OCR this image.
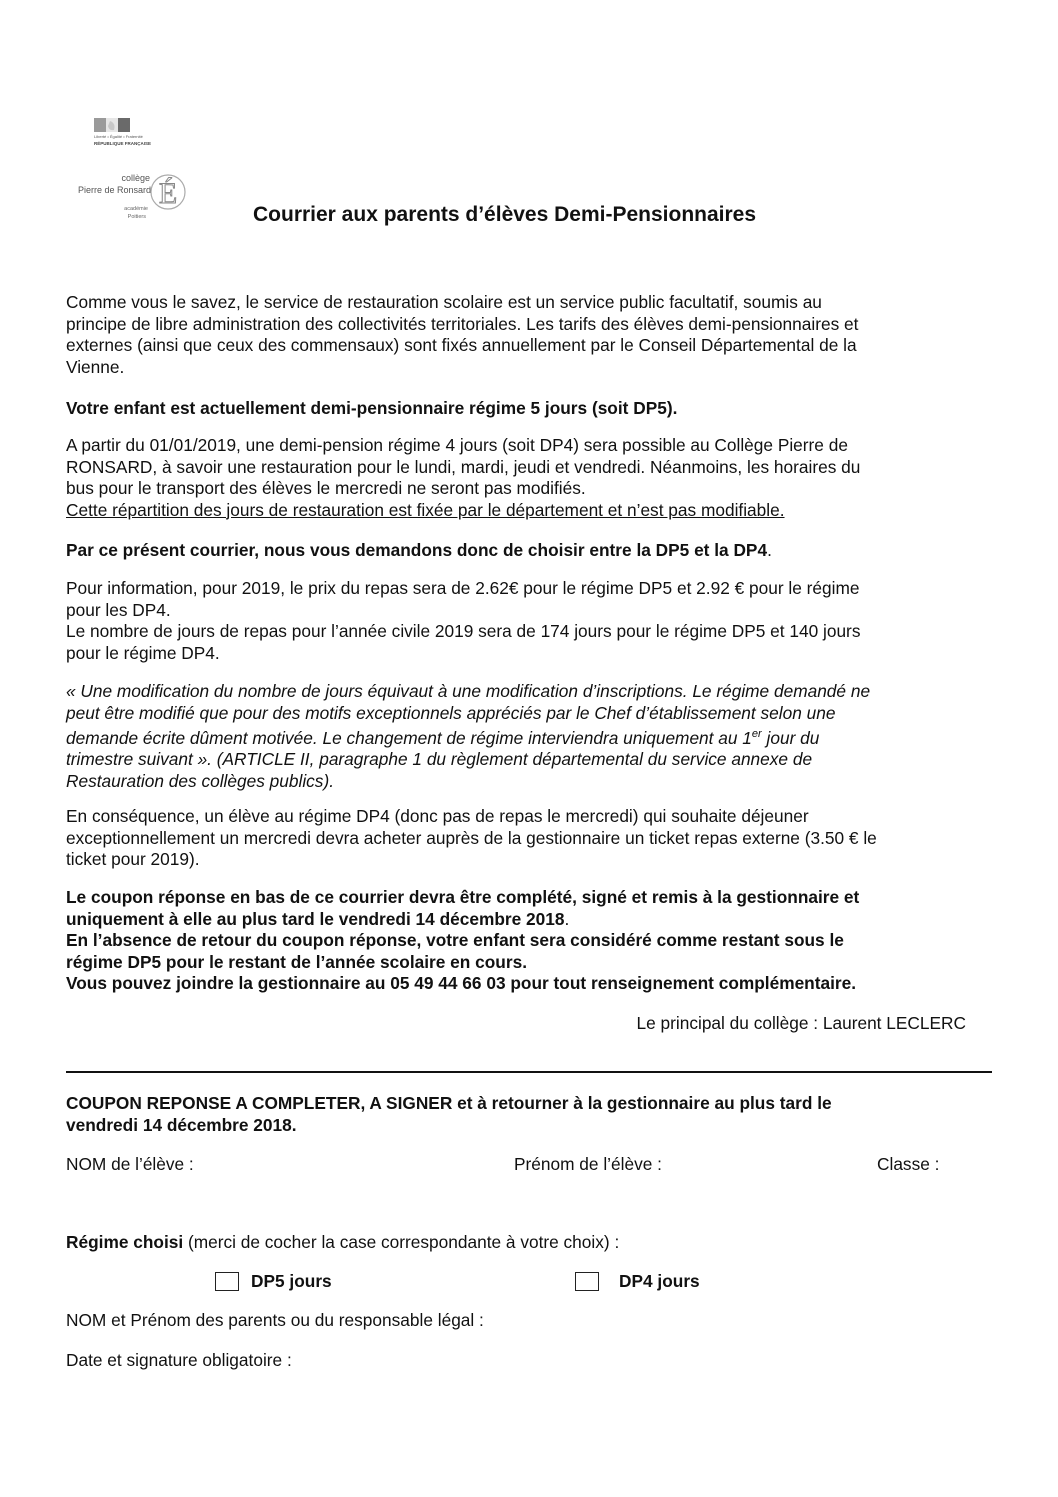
Liberté • Égalité • Fraternité
RÉPUBLIQUE FRANÇAISE
collège
Pierre de Ronsard
académie
Poitiers
É
Courrier aux parents d’élèves Demi-Pensionnaires
Comme vous le savez, le service de restauration scolaire est un service public facultatif, soumis au
principe de libre administration des collectivités territoriales. Les tarifs des élèves demi-pensionnaires et
externes (ainsi que ceux des commensaux) sont fixés annuellement par le Conseil Départemental de la
Vienne.
Votre enfant est actuellement demi-pensionnaire régime 5 jours (soit DP5).
A partir du 01/01/2019, une demi-pension régime 4 jours (soit DP4) sera possible au Collège Pierre de
RONSARD, à savoir une restauration pour le lundi, mardi, jeudi et vendredi. Néanmoins, les horaires du
bus pour le transport des élèves le mercredi ne seront pas modifiés.
Cette répartition des jours de restauration est fixée par le département et n’est pas modifiable.
Par ce présent courrier, nous vous demandons donc de choisir entre la DP5 et la DP4.
Pour information, pour 2019, le prix du repas sera de 2.62€ pour le régime DP5 et 2.92 € pour le régime
pour les DP4.
Le nombre de jours de repas pour l’année civile 2019 sera de 174 jours pour le régime DP5 et 140 jours
pour le régime DP4.
« Une modification du nombre de jours équivaut à une modification d’inscriptions. Le régime demandé ne
peut être modifié que pour des motifs exceptionnels appréciés par le Chef d’établissement selon une
demande écrite dûment motivée. Le changement de régime interviendra uniquement au 1er jour du
trimestre suivant ». (ARTICLE II, paragraphe 1 du règlement départemental du service annexe de
Restauration des collèges publics).
En conséquence, un élève au régime DP4 (donc pas de repas le mercredi) qui souhaite déjeuner
exceptionnellement un mercredi devra acheter auprès de la gestionnaire un ticket repas externe (3.50 € le
ticket pour 2019).
Le coupon réponse en bas de ce courrier devra être complété, signé et remis à la gestionnaire et
uniquement à elle au plus tard le vendredi 14 décembre 2018.
En l’absence de retour du coupon réponse, votre enfant sera considéré comme restant sous le
régime DP5 pour le restant de l’année scolaire en cours.
Vous pouvez joindre la gestionnaire au 05 49 44 66 03 pour tout renseignement complémentaire.
Le principal du collège : Laurent LECLERC
COUPON REPONSE A COMPLETER, A SIGNER et à retourner à la gestionnaire au plus tard le
vendredi 14 décembre 2018.
NOM de l’élève :	Prénom de l’élève :	Classe :
Régime choisi (merci de cocher la case correspondante à votre choix) :
DP5 jours	DP4 jours
NOM et Prénom des parents ou du responsable légal :
Date et signature obligatoire :
